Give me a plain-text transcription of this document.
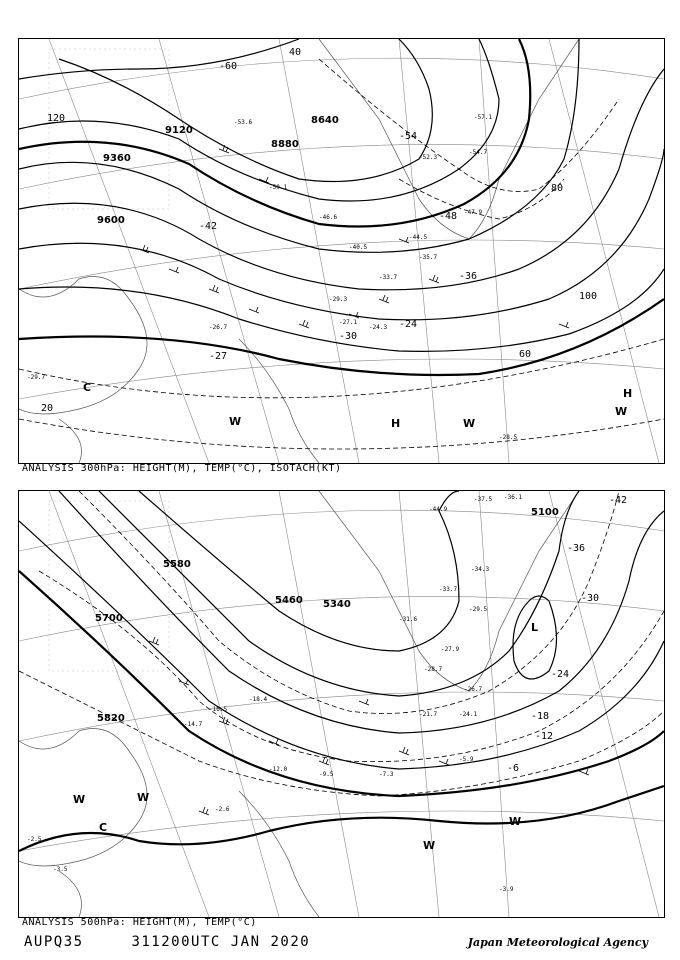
9120
9360
9600
8880
8640
120
100
80
60
40
20
-60
-54
-48
-42
-36
-30
-27
-24
-53.6
-50.1
-46.6
-40.5
-33.7
-29.3
-26.7	-24.3
-35.7
-44.5
-52.3
-54.7
-57.1
-47.9
-27.1
-29.7
-28.5
C
W	H	W
H
W
ANALYSIS 300hPa: HEIGHT(M), TEMP(°C), ISOTACH(KT)
5580
5700
5820
5460 5340
5100
-42
-36
-30
-24
-18
-12
-6
-44.9
-37.5 -36.1
-34.3
-33.7
-31.6
-29.5
-28.7
-27.9
-26.7
-24.1
-21.7
-18.4
-16.5
-14.7
-12.0
-9.5	-7.3
-5.9
-3.9
-2.6
-2.5
-3.5
L
W	W
W
C
W
ANALYSIS 500hPa: HEIGHT(M), TEMP(°C)
AUPQ35	311200UTC JAN 2020	Japan Meteorological Agency
